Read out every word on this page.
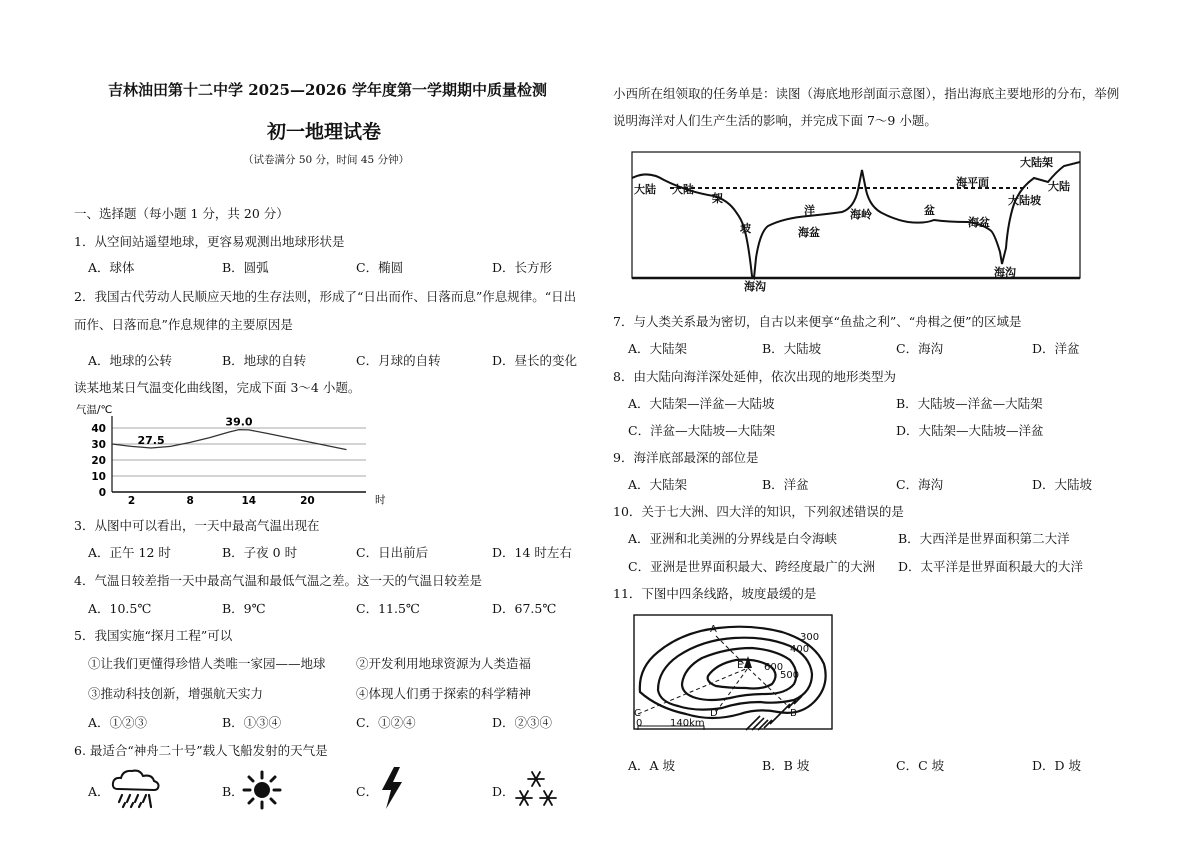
吉林油田第十二中学 2025—2026 学年度第一学期期中质量检测
初一地理试卷
（试卷满分 50 分，时间 45 分钟）
一、选择题（每小题 1 分，共 20 分）
1．从空间站遥望地球，更容易观测出地球形状是
A．球体	B．圆弧	C．椭圆	D．长方形
2．我国古代劳动人民顺应天地的生存法则，形成了“日出而作、日落而息”作息规律。“日出
而作、日落而息”作息规律的主要原因是
A．地球的公转	B．地球的自转	C．月球的自转	D．昼长的变化
读某地某日气温变化曲线图，完成下面 3～4 小题。
气温/℃
0
10
20
30
40
2	8	14	20
27.5
39.0
时
3．从图中可以看出，一天中最高气温出现在
A．正午 12 时	B．子夜 0 时	C．日出前后	D．14 时左右
4．气温日较差指一天中最高气温和最低气温之差。这一天的气温日较差是
A．10.5℃	B．9℃	C．11.5℃	D．67.5℃
5．我国实施“探月工程”可以
①让我们更懂得珍惜人类唯一家园——地球 ②开发利用地球资源为人类造福
③推动科技创新，增强航天实力	④体现人们勇于探索的科学精神
A．①②③	B．①③④	C．①②④	D．②③④
6. 最适合“神舟二十号”载人飞船发射的天气是
A．	B．	C．	D．
小西所在组领取的任务单是：读图（海底地形剖面示意图），指出海底主要地形的分布，举例
说明海洋对人们生产生活的影响，并完成下面 7～9 小题。
大陆 大陆
架
坡
海沟
海盆
洋	海岭	盆
海盆
海平面
大陆架
大陆坡
大陆
海沟
7．与人类关系最为密切，自古以来便享“鱼盐之利”、“舟楫之便”的区域是
A．大陆架	B．大陆坡	C．海沟	D．洋盆
8．由大陆向海洋深处延伸，依次出现的地形类型为
A．大陆架—洋盆—大陆坡	B．大陆坡—洋盆—大陆架
C．洋盆—大陆坡—大陆架	D．大陆架—大陆坡—洋盆
9．海洋底部最深的部位是
A．大陆架	B．洋盆	C．海沟	D．大陆坡
10．关于七大洲、四大洋的知识，下列叙述错误的是
A．亚洲和北美洲的分界线是白令海峡	B．大西洋是世界面积第二大洋
C．亚洲是世界面积最大、跨经度最广的大洲 D．太平洋是世界面积最大的大洋
11．下图中四条线路，坡度最缓的是
A
B
C	D
E
300
400
500
600
0	140km
A．A 坡	B．B 坡	C．C 坡	D．D 坡
